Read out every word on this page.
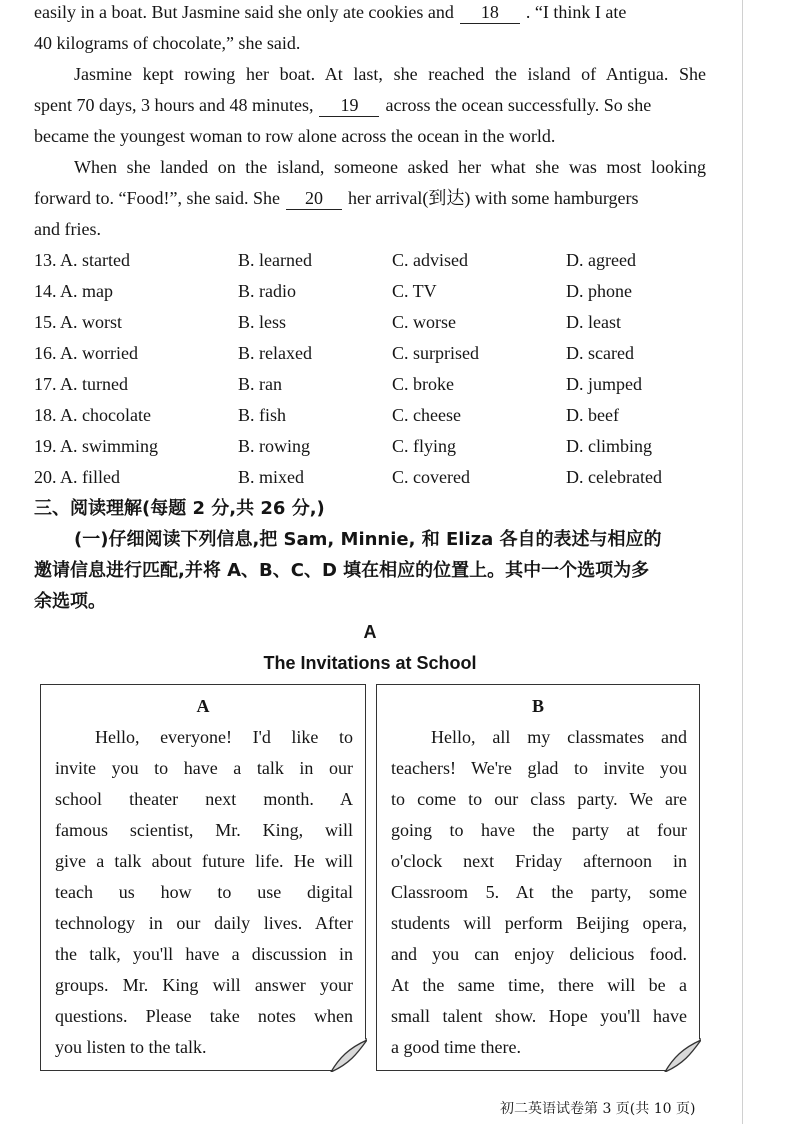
easily in a boat. But Jasmine said she only ate cookies and 18 . “I think I ate
40 kilograms of chocolate,” she said.
Jasmine kept rowing her boat. At last, she reached the island of Antigua. She
spent 70 days, 3 hours and 48 minutes, 19 across the ocean successfully. So she
became the youngest woman to row alone across the ocean in the world.
When she landed on the island, someone asked her what she was most looking
forward to. “Food!”, she said. She 20 her arrival(到达) with some hamburgers
and fries.
13. A. started	B. learned	C. advised	D. agreed
14. A. map	B. radio	C. TV	D. phone
15. A. worst	B. less	C. worse	D. least
16. A. worried	B. relaxed	C. surprised	D. scared
17. A. turned	B. ran	C. broke	D. jumped
18. A. chocolate	B. fish	C. cheese	D. beef
19. A. swimming	B. rowing	C. flying	D. climbing
20. A. filled	B. mixed	C. covered	D. celebrated
三、阅读理解(每题 2 分,共 26 分,)
(一)仔细阅读下列信息,把 Sam, Minnie, 和 Eliza 各自的表述与相应的
邀请信息进行匹配,并将 A、B、C、D 填在相应的位置上。其中一个选项为多
余选项。
A
The Invitations at School
A
Hello, everyone! I'd like to
invite you to have a talk in our
school theater next month. A
famous scientist, Mr. King, will
give a talk about future life. He will
teach us how to use digital
technology in our daily lives. After
the talk, you'll have a discussion in
groups. Mr. King will answer your
questions. Please take notes when
you listen to the talk.
B
Hello, all my classmates and
teachers! We're glad to invite you
to come to our class party. We are
going to have the party at four
o'clock next Friday afternoon in
Classroom 5. At the party, some
students will perform Beijing opera,
and you can enjoy delicious food.
At the same time, there will be a
small talent show. Hope you'll have
a good time there.
初二英语试卷第 3 页(共 10 页)
